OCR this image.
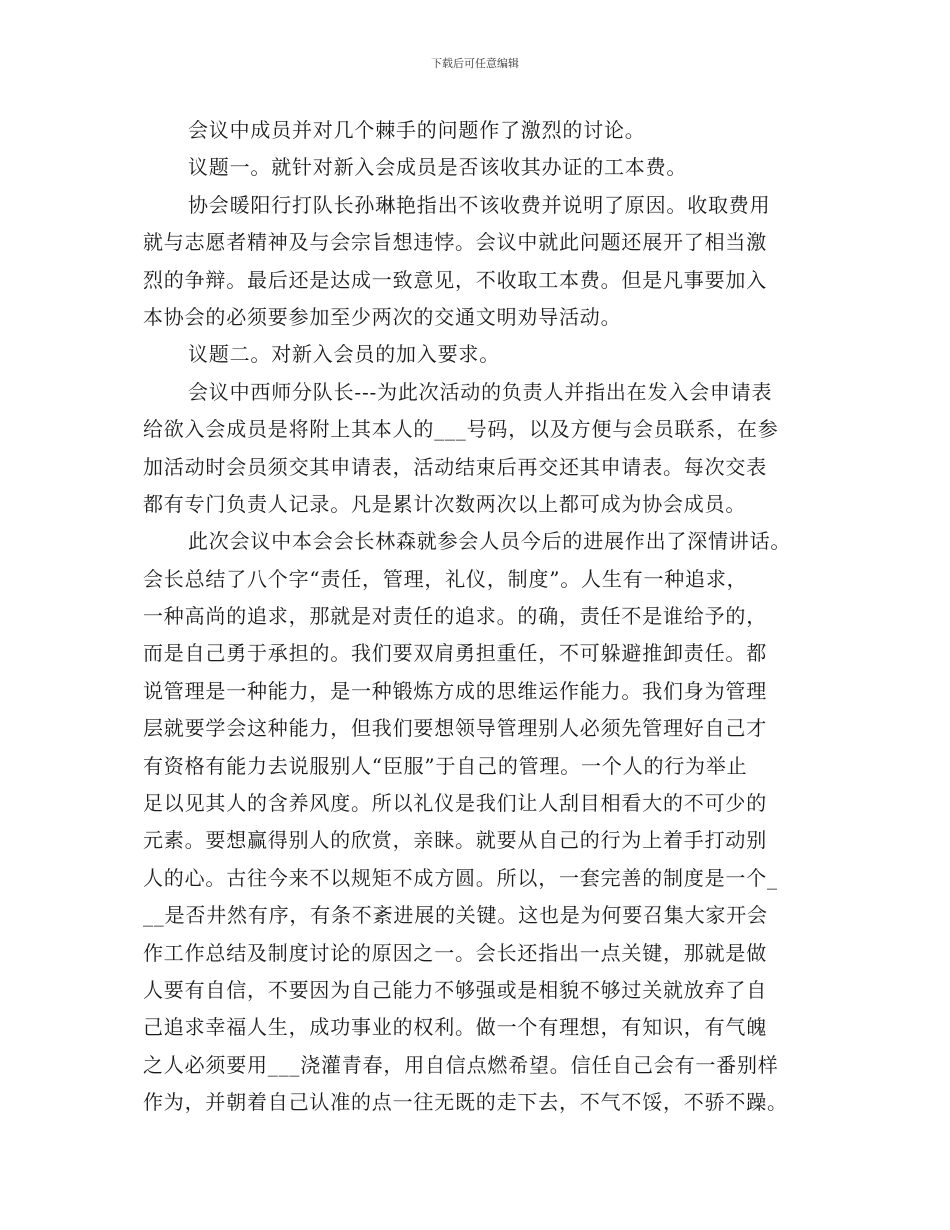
下载后可任意编辑
会议中成员并对几个棘手的问题作了激烈的讨论。
议题一。就针对新入会成员是否该收其办证的工本费。
协会暖阳行打队长孙琳艳指出不该收费并说明了原因。收取费用
就与志愿者精神及与会宗旨想违悖。会议中就此问题还展开了相当激
烈的争辩。最后还是达成一致意见，不收取工本费。但是凡事要加入
本协会的必须要参加至少两次的交通文明劝导活动。
议题二。对新入会员的加入要求。
会议中西师分队长---为此次活动的负责人并指出在发入会申请表
给欲入会成员是将附上其本人的___号码，以及方便与会员联系，在参
加活动时会员须交其申请表，活动结束后再交还其申请表。每次交表
都有专门负责人记录。凡是累计次数两次以上都可成为协会成员。
此次会议中本会会长林森就参会人员今后的进展作出了深情讲话。
会长总结了八个字“责任，管理，礼仪，制度”。人生有一种追求，
一种高尚的追求，那就是对责任的追求。的确，责任不是谁给予的，
而是自己勇于承担的。我们要双肩勇担重任，不可躲避推卸责任。都
说管理是一种能力，是一种锻炼方成的思维运作能力。我们身为管理
层就要学会这种能力，但我们要想领导管理别人必须先管理好自己才
有资格有能力去说服别人“臣服”于自己的管理。一个人的行为举止
足以见其人的含养风度。所以礼仪是我们让人刮目相看大的不可少的
元素。要想赢得别人的欣赏，亲睐。就要从自己的行为上着手打动别
人的心。古往今来不以规矩不成方圆。所以，一套完善的制度是一个_
__是否井然有序，有条不紊进展的关键。这也是为何要召集大家开会
作工作总结及制度讨论的原因之一。会长还指出一点关键，那就是做
人要有自信，不要因为自己能力不够强或是相貌不够过关就放弃了自
己追求幸福人生，成功事业的权利。做一个有理想，有知识，有气魄
之人必须要用___浇灌青春，用自信点燃希望。信任自己会有一番别样
作为，并朝着自己认准的点一往无既的走下去，不气不馁，不骄不躁。
